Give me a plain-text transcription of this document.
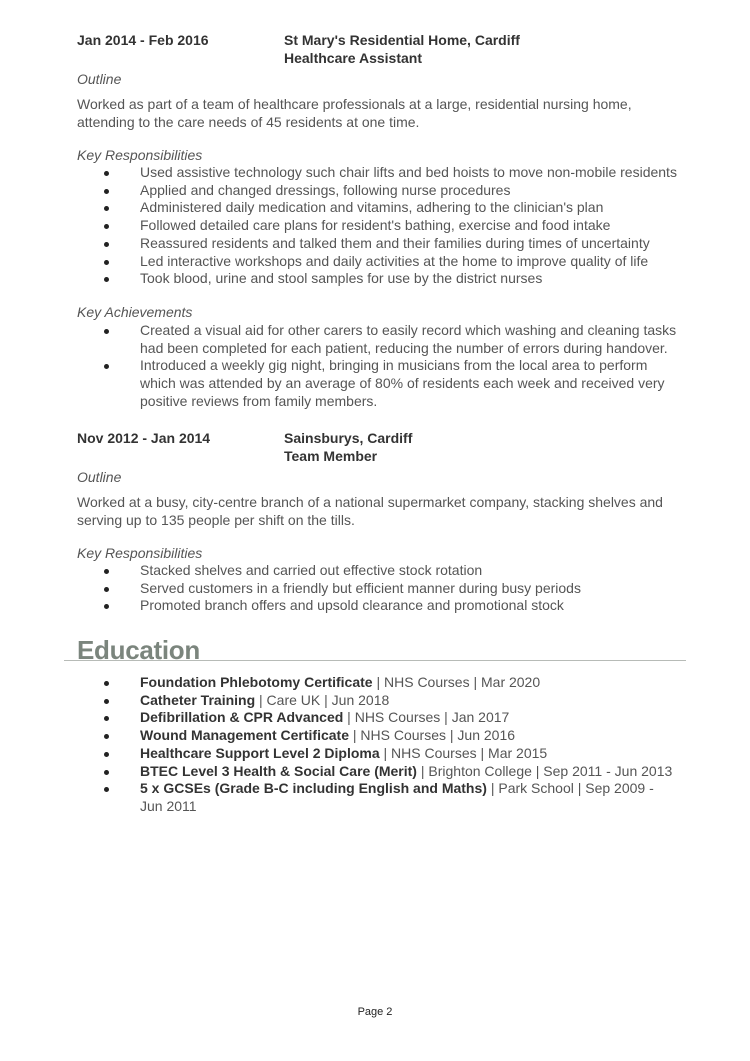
Jan 2014 - Feb 2016	St Mary's Residential Home, Cardiff
Healthcare Assistant
Outline
Worked as part of a team of healthcare professionals at a large, residential nursing home, attending to the care needs of 45 residents at one time.
Key Responsibilities
Used assistive technology such chair lifts and bed hoists to move non-mobile residents
Applied and changed dressings, following nurse procedures
Administered daily medication and vitamins, adhering to the clinician's plan
Followed detailed care plans for resident's bathing, exercise and food intake
Reassured residents and talked them and their families during times of uncertainty
Led interactive workshops and daily activities at the home to improve quality of life
Took blood, urine and stool samples for use by the district nurses
Key Achievements
Created a visual aid for other carers to easily record which washing and cleaning tasks had been completed for each patient, reducing the number of errors during handover.
Introduced a weekly gig night, bringing in musicians from the local area to perform which was attended by an average of 80% of residents each week and received very positive reviews from family members.
Nov 2012 - Jan 2014	Sainsburys, Cardiff
Team Member
Outline
Worked at a busy, city-centre branch of a national supermarket company, stacking shelves and serving up to 135 people per shift on the tills.
Key Responsibilities
Stacked shelves and carried out effective stock rotation
Served customers in a friendly but efficient manner during busy periods
Promoted branch offers and upsold clearance and promotional stock
Education
Foundation Phlebotomy Certificate | NHS Courses | Mar 2020
Catheter Training | Care UK | Jun 2018
Defibrillation & CPR Advanced | NHS Courses | Jan 2017
Wound Management Certificate | NHS Courses | Jun 2016
Healthcare Support Level 2 Diploma | NHS Courses | Mar 2015
BTEC Level 3 Health & Social Care (Merit) | Brighton College | Sep 2011 - Jun 2013
5 x GCSEs (Grade B-C including English and Maths) | Park School | Sep 2009 - Jun 2011
Page 2
